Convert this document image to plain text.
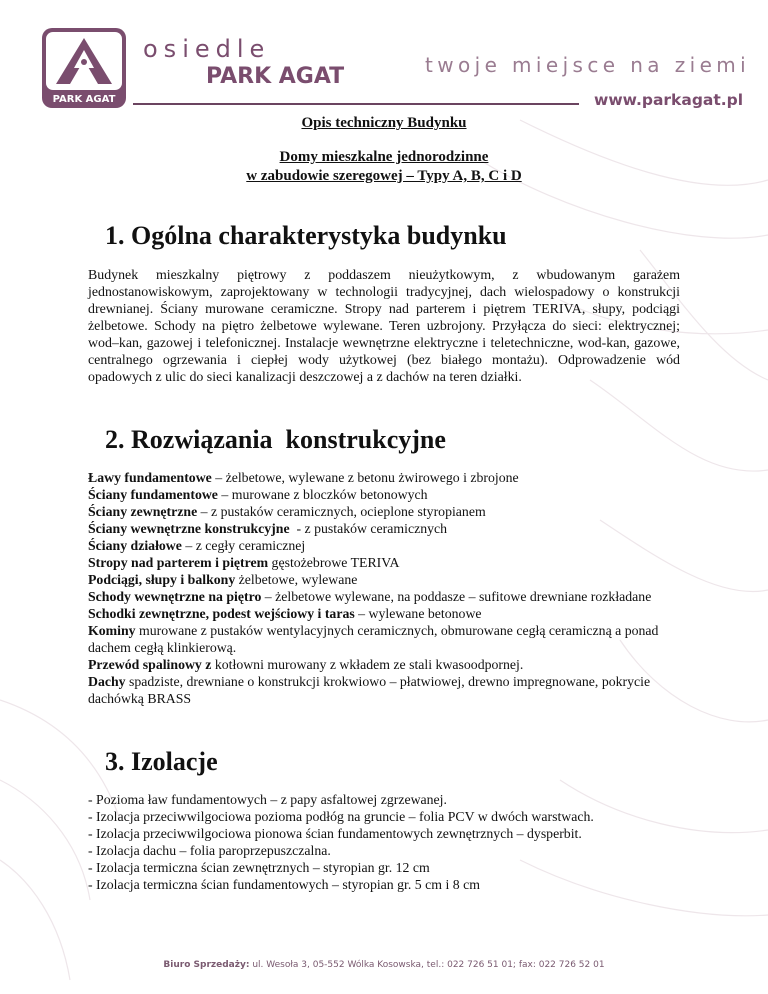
PARK AGAT
osiedle
PARK AGAT	twoje miejsce na ziemi
www.parkagat.pl
Opis techniczny Budynku
Domy mieszkalne jednorodzinne
w zabudowie szeregowej – Typy A, B, C i D
1. Ogólna charakterystyka budynku
Budynek mieszkalny piętrowy z poddaszem nieużytkowym, z wbudowanym garażem jednostanowiskowym, zaprojektowany w technologii tradycyjnej, dach wielospadowy o konstrukcji drewnianej. Ściany murowane ceramiczne. Stropy nad parterem i piętrem TERIVA, słupy, podciągi żelbetowe. Schody na piętro żelbetowe wylewane. Teren uzbrojony. Przyłącza do sieci: elektrycznej; wod–kan, gazowej i telefonicznej. Instalacje wewnętrzne elektryczne i teletechniczne, wod-kan, gazowe, centralnego ogrzewania i ciepłej wody użytkowej (bez białego montażu). Odprowadzenie wód opadowych z ulic do sieci kanalizacji deszczowej a z dachów na teren działki.
2. Rozwiązania  konstrukcyjne
Ławy fundamentowe – żelbetowe, wylewane z betonu żwirowego i zbrojone
Ściany fundamentowe – murowane z bloczków betonowych
Ściany zewnętrzne – z pustaków ceramicznych, ocieplone styropianem
Ściany wewnętrzne konstrukcyjne  - z pustaków ceramicznych
Ściany działowe – z cegły ceramicznej
Stropy nad parterem i piętrem gęstożebrowe TERIVA
Podciągi, słupy i balkony żelbetowe, wylewane
Schody wewnętrzne na piętro – żelbetowe wylewane, na poddasze – sufitowe drewniane rozkładane
Schodki zewnętrzne, podest wejściowy i taras – wylewane betonowe
Kominy murowane z pustaków wentylacyjnych ceramicznych, obmurowane cegłą ceramiczną a ponad dachem cegłą klinkierową.
Przewód spalinowy z kotłowni murowany z wkładem ze stali kwasoodpornej.
Dachy spadziste, drewniane o konstrukcji krokwiowo – płatwiowej, drewno impregnowane, pokrycie dachówką BRASS
3. Izolacje
- Pozioma ław fundamentowych – z papy asfaltowej zgrzewanej.
- Izolacja przeciwwilgociowa pozioma podłóg na gruncie – folia PCV w dwóch warstwach.
- Izolacja przeciwwilgociowa pionowa ścian fundamentowych zewnętrznych – dysperbit.
- Izolacja dachu – folia paroprzepuszczalna.
- Izolacja termiczna ścian zewnętrznych – styropian gr. 12 cm
- Izolacja termiczna ścian fundamentowych – styropian gr. 5 cm i 8 cm
Biuro Sprzedaży: ul. Wesoła 3, 05-552 Wólka Kosowska, tel.: 022 726 51 01; fax: 022 726 52 01
